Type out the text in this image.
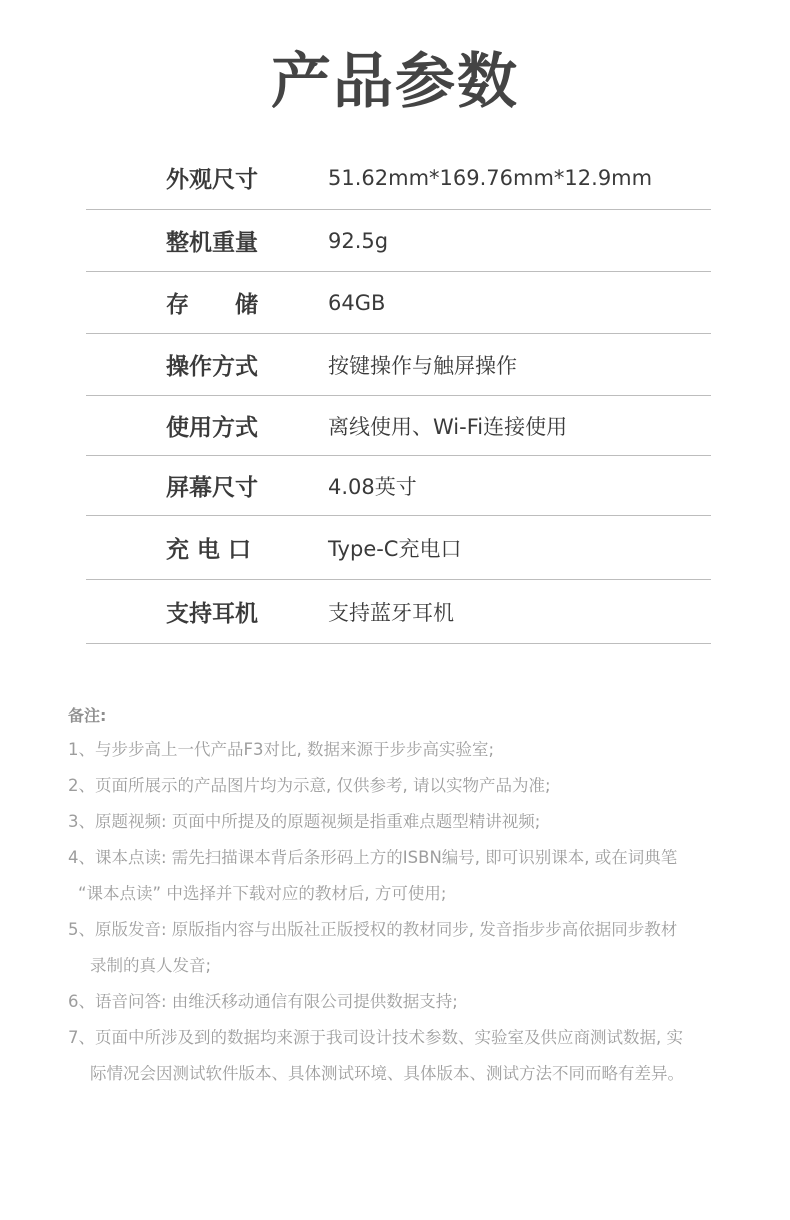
产品参数
外观尺寸	51.62mm*169.76mm*12.9mm
整机重量	92.5g
存　　储	64GB
操作方式	按键操作与触屏操作
使用方式	离线使用、Wi-Fi连接使用
屏幕尺寸	4.08英寸
充 电 口	Type-C充电口
支持耳机	支持蓝牙耳机
备注:
1、与步步高上一代产品F3对比, 数据来源于步步高实验室;
2、页面所展示的产品图片均为示意, 仅供参考, 请以实物产品为准;
3、原题视频: 页面中所提及的原题视频是指重难点题型精讲视频;
4、课本点读: 需先扫描课本背后条形码上方的ISBN编号, 即可识别课本, 或在词典笔
“课本点读” 中选择并下载对应的教材后, 方可使用;
5、原版发音: 原版指内容与出版社正版授权的教材同步, 发音指步步高依据同步教材
录制的真人发音;
6、语音问答: 由维沃移动通信有限公司提供数据支持;
7、页面中所涉及到的数据均来源于我司设计技术参数、实验室及供应商测试数据, 实
际情况会因测试软件版本、具体测试环境、具体版本、测试方法不同而略有差异。
